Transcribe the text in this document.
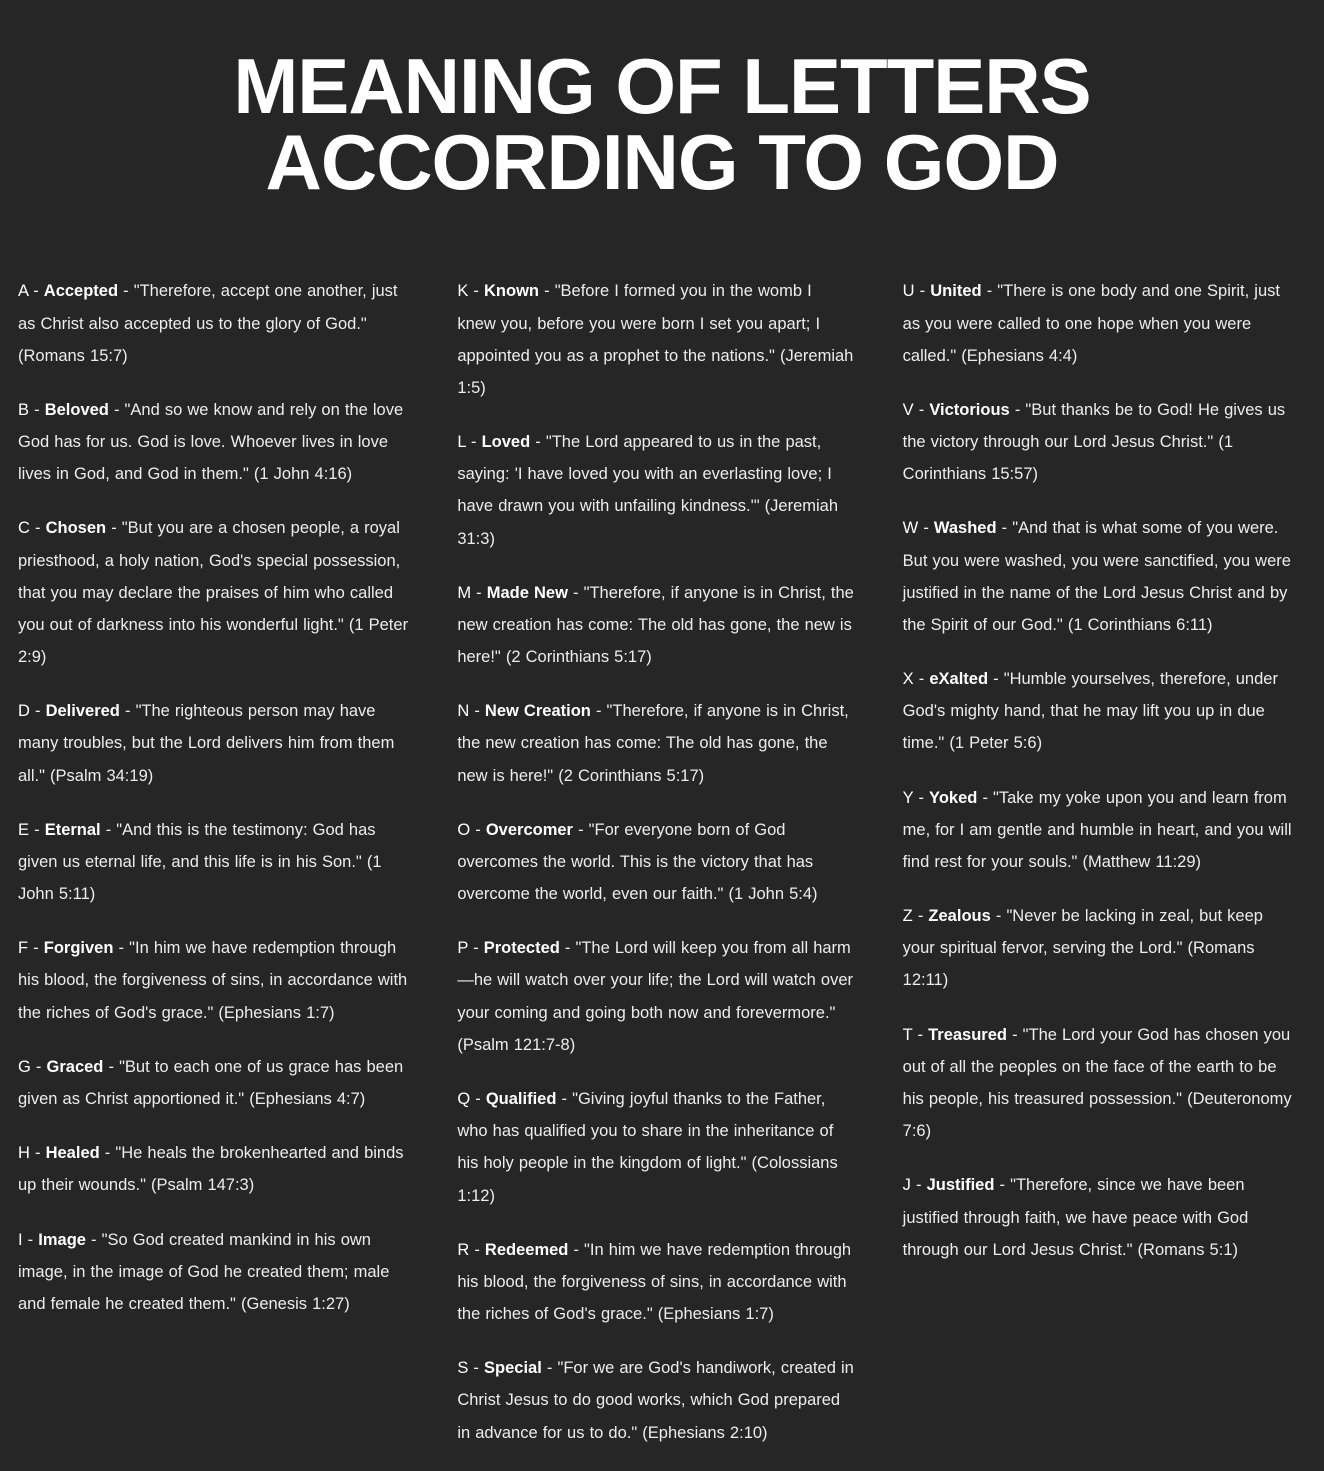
MEANING OF LETTERS
ACCORDING TO GOD

A - Accepted - "Therefore, accept one another, just as Christ also accepted us to the glory of God." (Romans 15:7)

B - Beloved - "And so we know and rely on the love God has for us. God is love. Whoever lives in love lives in God, and God in them." (1 John 4:16)

C - Chosen - "But you are a chosen people, a royal priesthood, a holy nation, God's special possession, that you may declare the praises of him who called you out of darkness into his wonderful light." (1 Peter 2:9)

D - Delivered - "The righteous person may have many troubles, but the Lord delivers him from them all." (Psalm 34:19)

E - Eternal - "And this is the testimony: God has given us eternal life, and this life is in his Son." (1 John 5:11)

F - Forgiven - "In him we have redemption through his blood, the forgiveness of sins, in accordance with the riches of God's grace." (Ephesians 1:7)

G - Graced - "But to each one of us grace has been given as Christ apportioned it." (Ephesians 4:7)

H - Healed - "He heals the brokenhearted and binds up their wounds." (Psalm 147:3)

I - Image - "So God created mankind in his own image, in the image of God he created them; male and female he created them." (Genesis 1:27)

K - Known - "Before I formed you in the womb I knew you, before you were born I set you apart; I appointed you as a prophet to the nations." (Jeremiah 1:5)

L - Loved - "The Lord appeared to us in the past, saying: 'I have loved you with an everlasting love; I have drawn you with unfailing kindness.'" (Jeremiah 31:3)

M - Made New - "Therefore, if anyone is in Christ, the new creation has come: The old has gone, the new is here!" (2 Corinthians 5:17)

N - New Creation - "Therefore, if anyone is in Christ, the new creation has come: The old has gone, the new is here!" (2 Corinthians 5:17)

O - Overcomer - "For everyone born of God overcomes the world. This is the victory that has overcome the world, even our faith." (1 John 5:4)

P - Protected - "The Lord will keep you from all harm—he will watch over your life; the Lord will watch over your coming and going both now and forevermore." (Psalm 121:7-8)

Q - Qualified - "Giving joyful thanks to the Father, who has qualified you to share in the inheritance of his holy people in the kingdom of light." (Colossians 1:12)

R - Redeemed - "In him we have redemption through his blood, the forgiveness of sins, in accordance with the riches of God's grace." (Ephesians 1:7)

S - Special - "For we are God's handiwork, created in Christ Jesus to do good works, which God prepared in advance for us to do." (Ephesians 2:10)

U - United - "There is one body and one Spirit, just as you were called to one hope when you were called." (Ephesians 4:4)

V - Victorious - "But thanks be to God! He gives us the victory through our Lord Jesus Christ." (1 Corinthians 15:57)

W - Washed - "And that is what some of you were. But you were washed, you were sanctified, you were justified in the name of the Lord Jesus Christ and by the Spirit of our God." (1 Corinthians 6:11)

X - eXalted - "Humble yourselves, therefore, under God's mighty hand, that he may lift you up in due time." (1 Peter 5:6)

Y - Yoked - "Take my yoke upon you and learn from me, for I am gentle and humble in heart, and you will find rest for your souls." (Matthew 11:29)

Z - Zealous - "Never be lacking in zeal, but keep your spiritual fervor, serving the Lord." (Romans 12:11)

T - Treasured - "The Lord your God has chosen you out of all the peoples on the face of the earth to be his people, his treasured possession." (Deuteronomy 7:6)

J - Justified - "Therefore, since we have been justified through faith, we have peace with God through our Lord Jesus Christ." (Romans 5:1)
